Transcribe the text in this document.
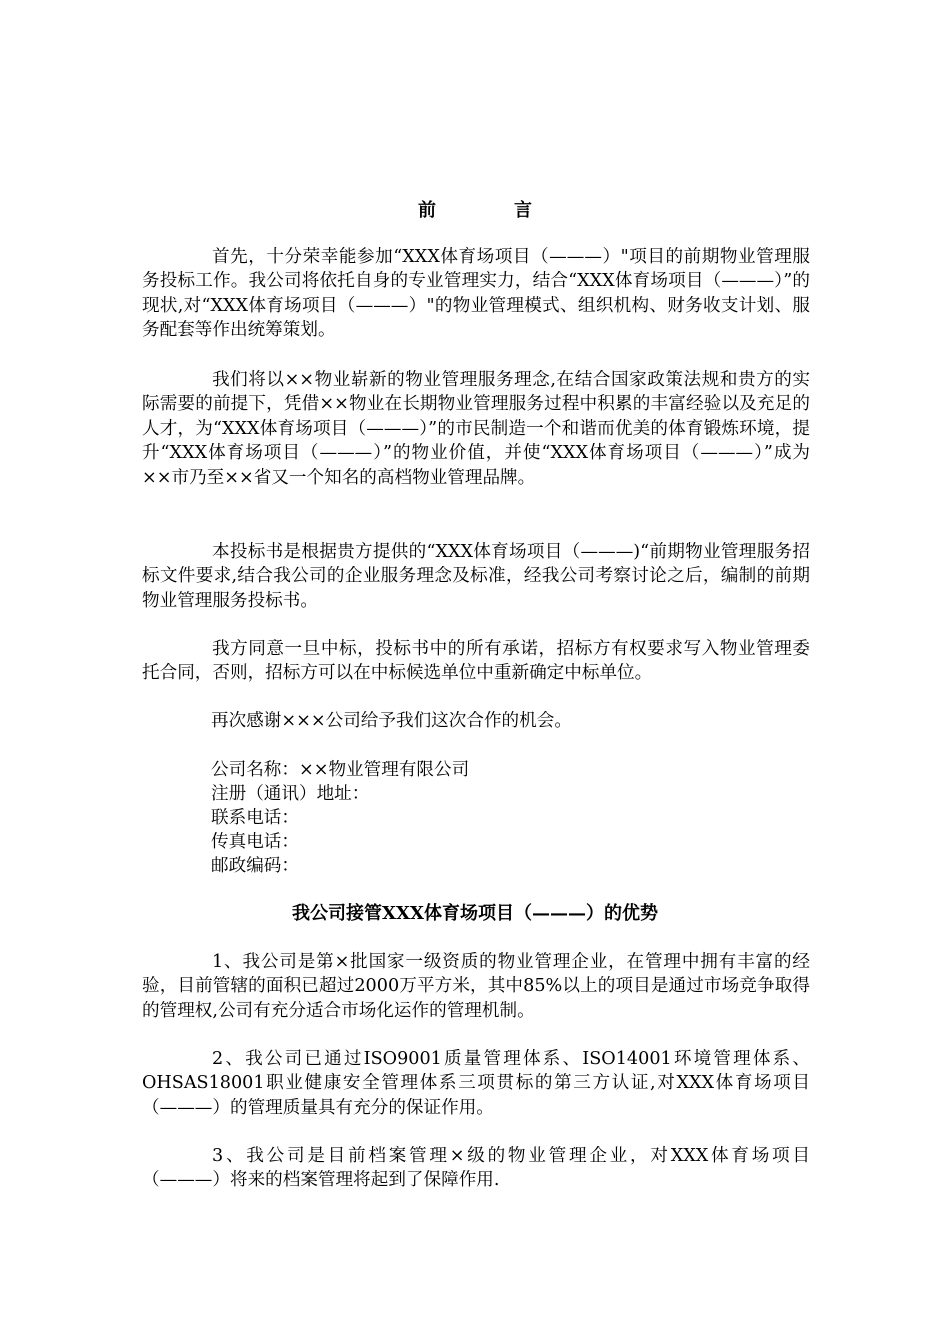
前　言

首先，十分荣幸能参加“XXX体育场项目（———）"项目的前期物业管理服务投标工作。我公司将依托自身的专业管理实力，结合“XXX体育场项目（———）”的现状,对“XXX体育场项目（———）"的物业管理模式、组织机构、财务收支计划、服务配套等作出统筹策划。

我们将以××物业崭新的物业管理服务理念,在结合国家政策法规和贵方的实际需要的前提下，凭借××物业在长期物业管理服务过程中积累的丰富经验以及充足的人才，为“XXX体育场项目（———）”的市民制造一个和谐而优美的体育锻炼环境，提升“XXX体育场项目（———）”的物业价值，并使“XXX体育场项目（———）”成为××市乃至××省又一个知名的高档物业管理品牌。

本投标书是根据贵方提供的“XXX体育场项目（———)“前期物业管理服务招标文件要求,结合我公司的企业服务理念及标准，经我公司考察讨论之后，编制的前期物业管理服务投标书。

我方同意一旦中标，投标书中的所有承诺，招标方有权要求写入物业管理委托合同，否则，招标方可以在中标候选单位中重新确定中标单位。

再次感谢×××公司给予我们这次合作的机会。

公司名称：××物业管理有限公司

注册（通讯）地址：

联系电话：

传真电话：

邮政编码：

我公司接管XXX体育场项目（———）的优势

1、我公司是第×批国家一级资质的物业管理企业，在管理中拥有丰富的经验，目前管辖的面积已超过2000万平方米，其中85%以上的项目是通过市场竞争取得的管理权,公司有充分适合市场化运作的管理机制。

2、我公司已通过ISO9001质量管理体系、ISO14001环境管理体系、OHSAS18001职业健康安全管理体系三项贯标的第三方认证,对XXX体育场项目（———）的管理质量具有充分的保证作用。

3、我公司是目前档案管理×级的物业管理企业，对XXX体育场项目（———）将来的档案管理将起到了保障作用.
